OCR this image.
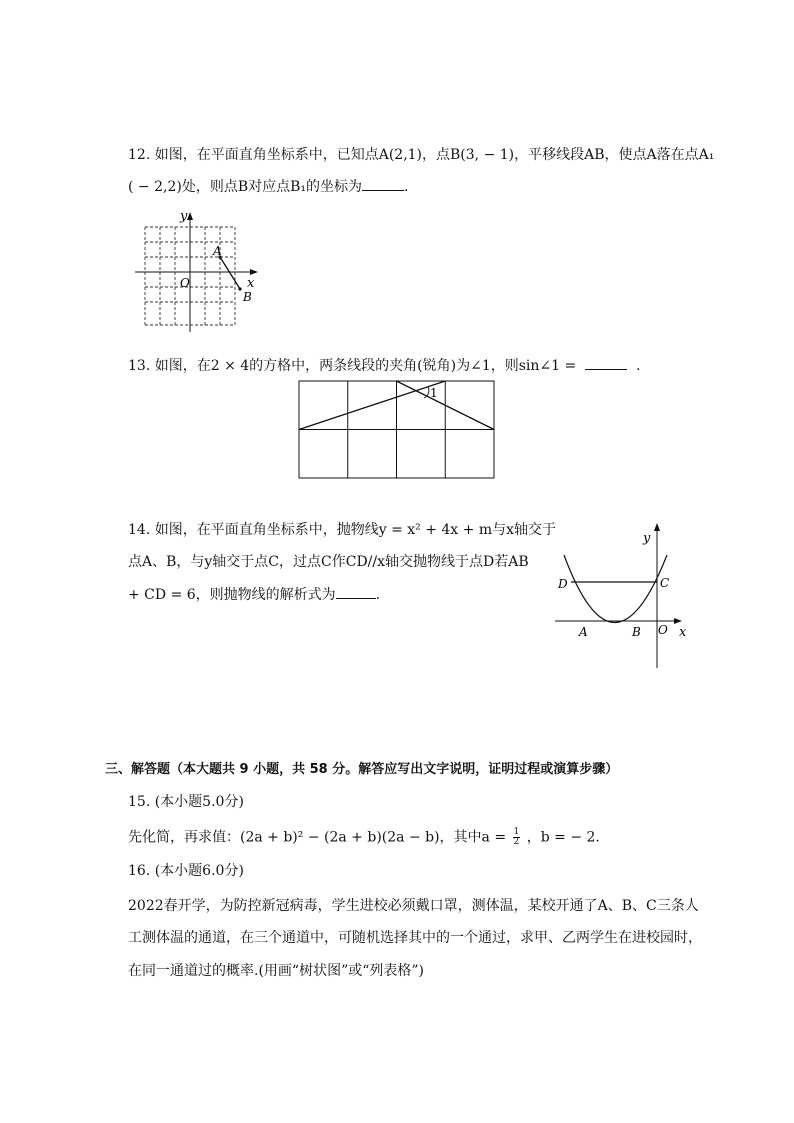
12. 如图，在平面直角坐标系中，已知点A(2,1)，点B(3, − 1)，平移线段AB，使点A落在点A₁
( − 2,2)处，则点B对应点B₁的坐标为	.
y
x
O
A
B
13. 如图，在2 × 4的方格中，两条线段的夹角(锐角)为∠1，则sin∠1 =	.
1
14. 如图，在平面直角坐标系中，抛物线y = x² + 4x + m与x轴交于
点A、B，与y轴交于点C，过点C作CD//x轴交抛物线于点D若AB
+ CD = 6，则抛物线的解析式为	.
y
x
O
A	B
C
D
三、解答题（本大题共 9 小题，共 58 分。解答应写出文字说明，证明过程或演算步骤）
15. (本小题5.0分)
先化简，再求值：(2a + b)² − (2a + b)(2a − b)，其中$a = \frac{1}{2}$ ，b = − 2.
16. (本小题6.0分)
2022春开学，为防控新冠病毒，学生进校必须戴口罩，测体温，某校开通了A、B、C三条人
工测体温的通道，在三个通道中，可随机选择其中的一个通过，求甲、乙两学生在进校园时，
在同一通道过的概率.(用画“树状图”或“列表格”)
